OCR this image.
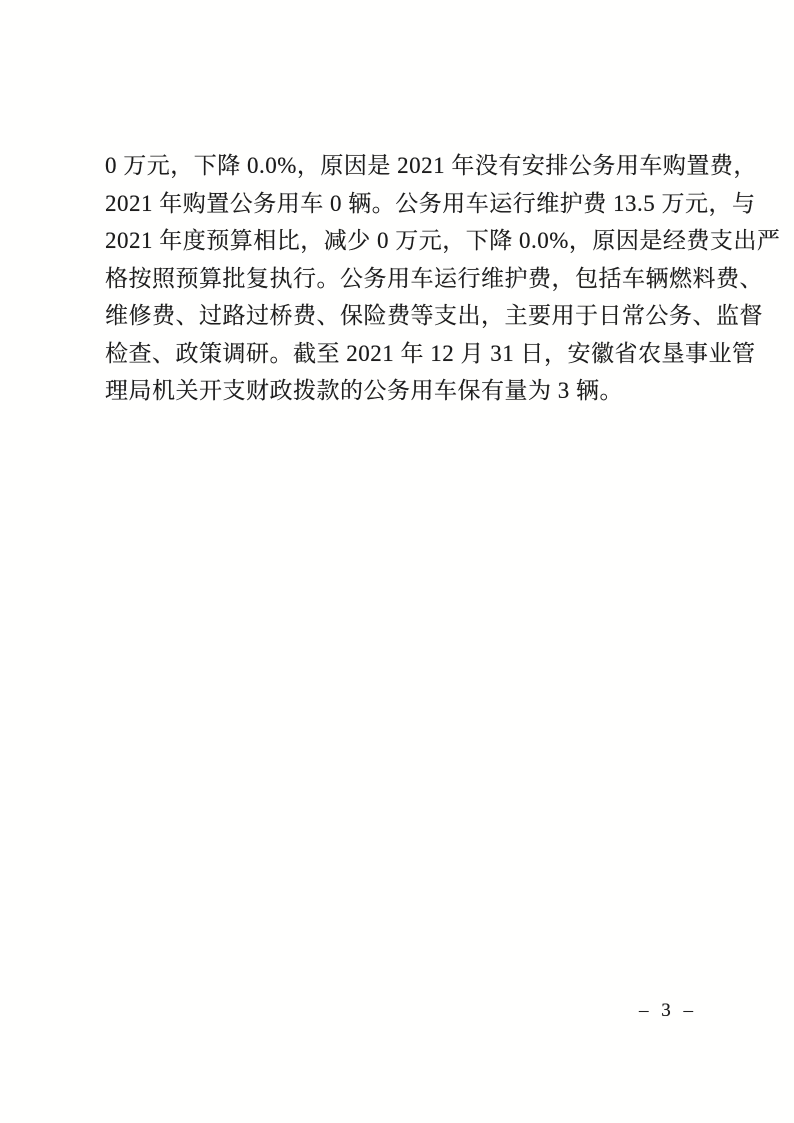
0 万元，下降 0.0%，原因是 2021 年没有安排公务用车购置费，
2021 年购置公务用车 0 辆。公务用车运行维护费 13.5 万元，与
2021 年度预算相比，减少 0 万元，下降 0.0%，原因是经费支出严
格按照预算批复执行。公务用车运行维护费，包括车辆燃料费、
维修费、过路过桥费、保险费等支出，主要用于日常公务、监督
检查、政策调研。截至 2021 年 12 月 31 日，安徽省农垦事业管
理局机关开支财政拨款的公务用车保有量为 3 辆。
– 3 –
